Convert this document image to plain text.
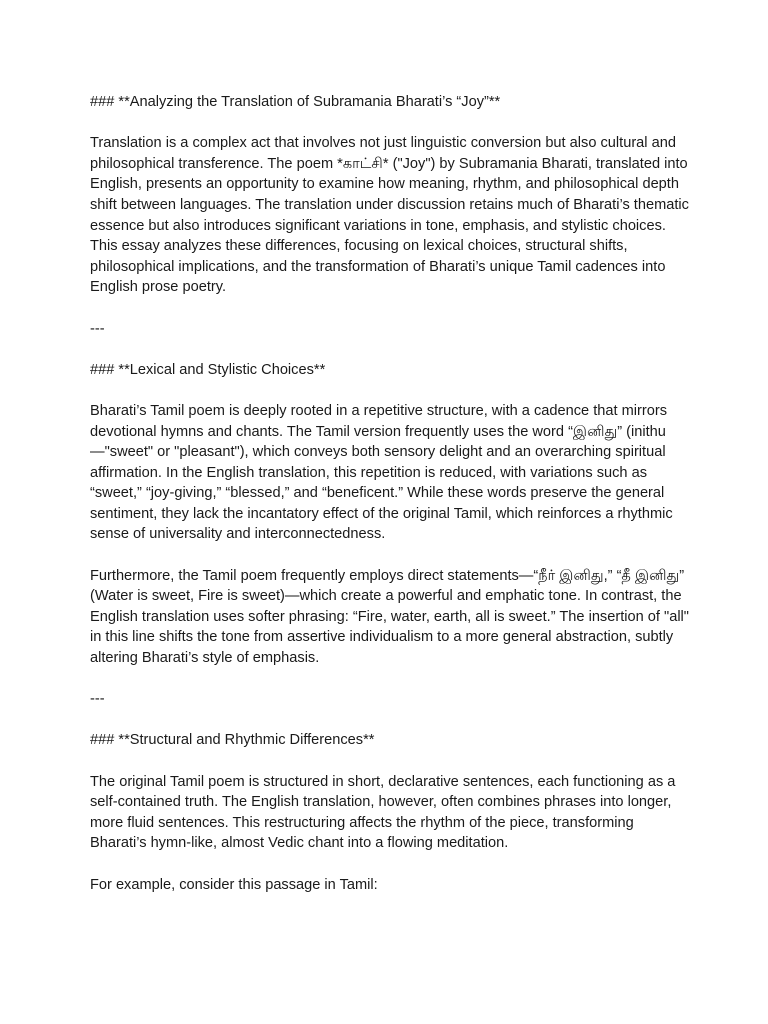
### **Analyzing the Translation of Subramania Bharati’s “Joy”**
Translation is a complex act that involves not just linguistic conversion but also cultural and philosophical transference. The poem *காட்சி* ("Joy") by Subramania Bharati, translated into English, presents an opportunity to examine how meaning, rhythm, and philosophical depth shift between languages. The translation under discussion retains much of Bharati’s thematic essence but also introduces significant variations in tone, emphasis, and stylistic choices. This essay analyzes these differences, focusing on lexical choices, structural shifts, philosophical implications, and the transformation of Bharati’s unique Tamil cadences into English prose poetry.
---
### **Lexical and Stylistic Choices**
Bharati’s Tamil poem is deeply rooted in a repetitive structure, with a cadence that mirrors devotional hymns and chants. The Tamil version frequently uses the word “இனிது” (inithu—"sweet" or "pleasant"), which conveys both sensory delight and an overarching spiritual affirmation. In the English translation, this repetition is reduced, with variations such as “sweet,” “joy-giving,” “blessed,” and “beneficent.” While these words preserve the general sentiment, they lack the incantatory effect of the original Tamil, which reinforces a rhythmic sense of universality and interconnectedness.
Furthermore, the Tamil poem frequently employs direct statements—“நீர் இனிது,” “தீ இனிது” (Water is sweet, Fire is sweet)—which create a powerful and emphatic tone. In contrast, the English translation uses softer phrasing: “Fire, water, earth, all is sweet.” The insertion of "all" in this line shifts the tone from assertive individualism to a more general abstraction, subtly altering Bharati’s style of emphasis.
---
### **Structural and Rhythmic Differences**
The original Tamil poem is structured in short, declarative sentences, each functioning as a self-contained truth. The English translation, however, often combines phrases into longer, more fluid sentences. This restructuring affects the rhythm of the piece, transforming Bharati’s hymn-like, almost Vedic chant into a flowing meditation.
For example, consider this passage in Tamil:
